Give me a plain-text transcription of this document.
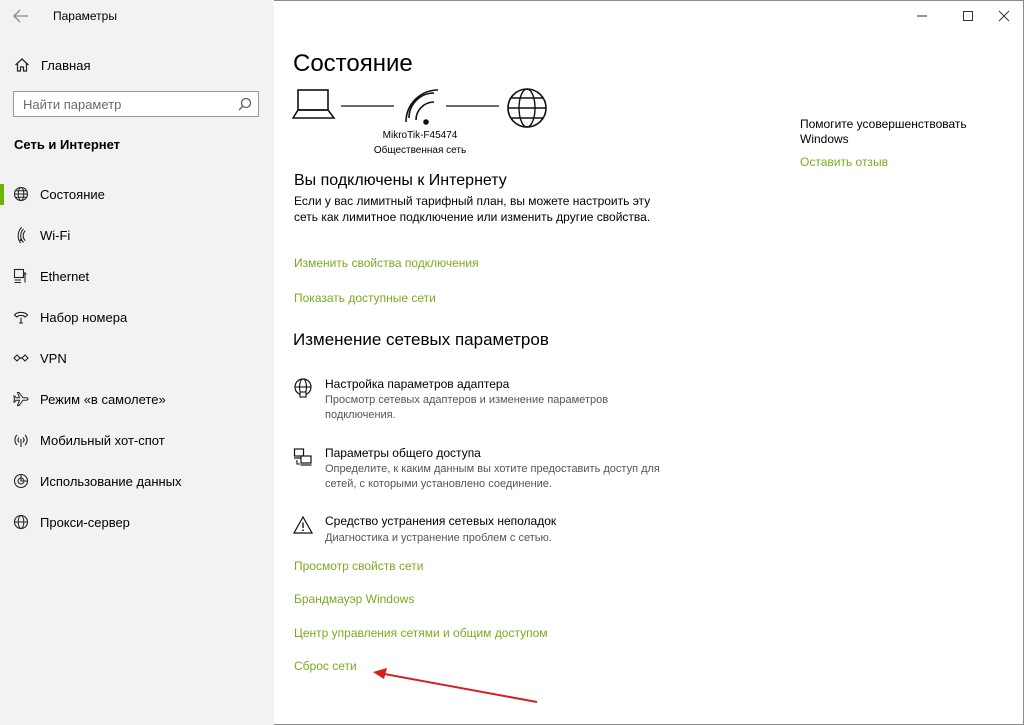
Параметры
Главная
Найти параметр
Сеть и Интернет
Состояние
Wi-Fi
Ethernet
Набор номера
VPN
Режим «в самолете»
Мобильный хот-спот
Использование данных
Прокси-сервер
Состояние
MikroTik-F45474
Общественная сеть
Вы подключены к Интернету
Если у вас лимитный тарифный план, вы можете настроить эту сеть как лимитное подключение или изменить другие свойства.
Изменить свойства подключения
Показать доступные сети
Изменение сетевых параметров
Настройка параметров адаптера
Просмотр сетевых адаптеров и изменение параметров подключения.
Параметры общего доступа
Определите, к каким данным вы хотите предоставить доступ для сетей, с которыми установлено соединение.
Средство устранения сетевых неполадок
Диагностика и устранение проблем с сетью.
Просмотр свойств сети
Брандмауэр Windows
Центр управления сетями и общим доступом
Сброс сети
Помогите усовершенствовать Windows
Оставить отзыв
